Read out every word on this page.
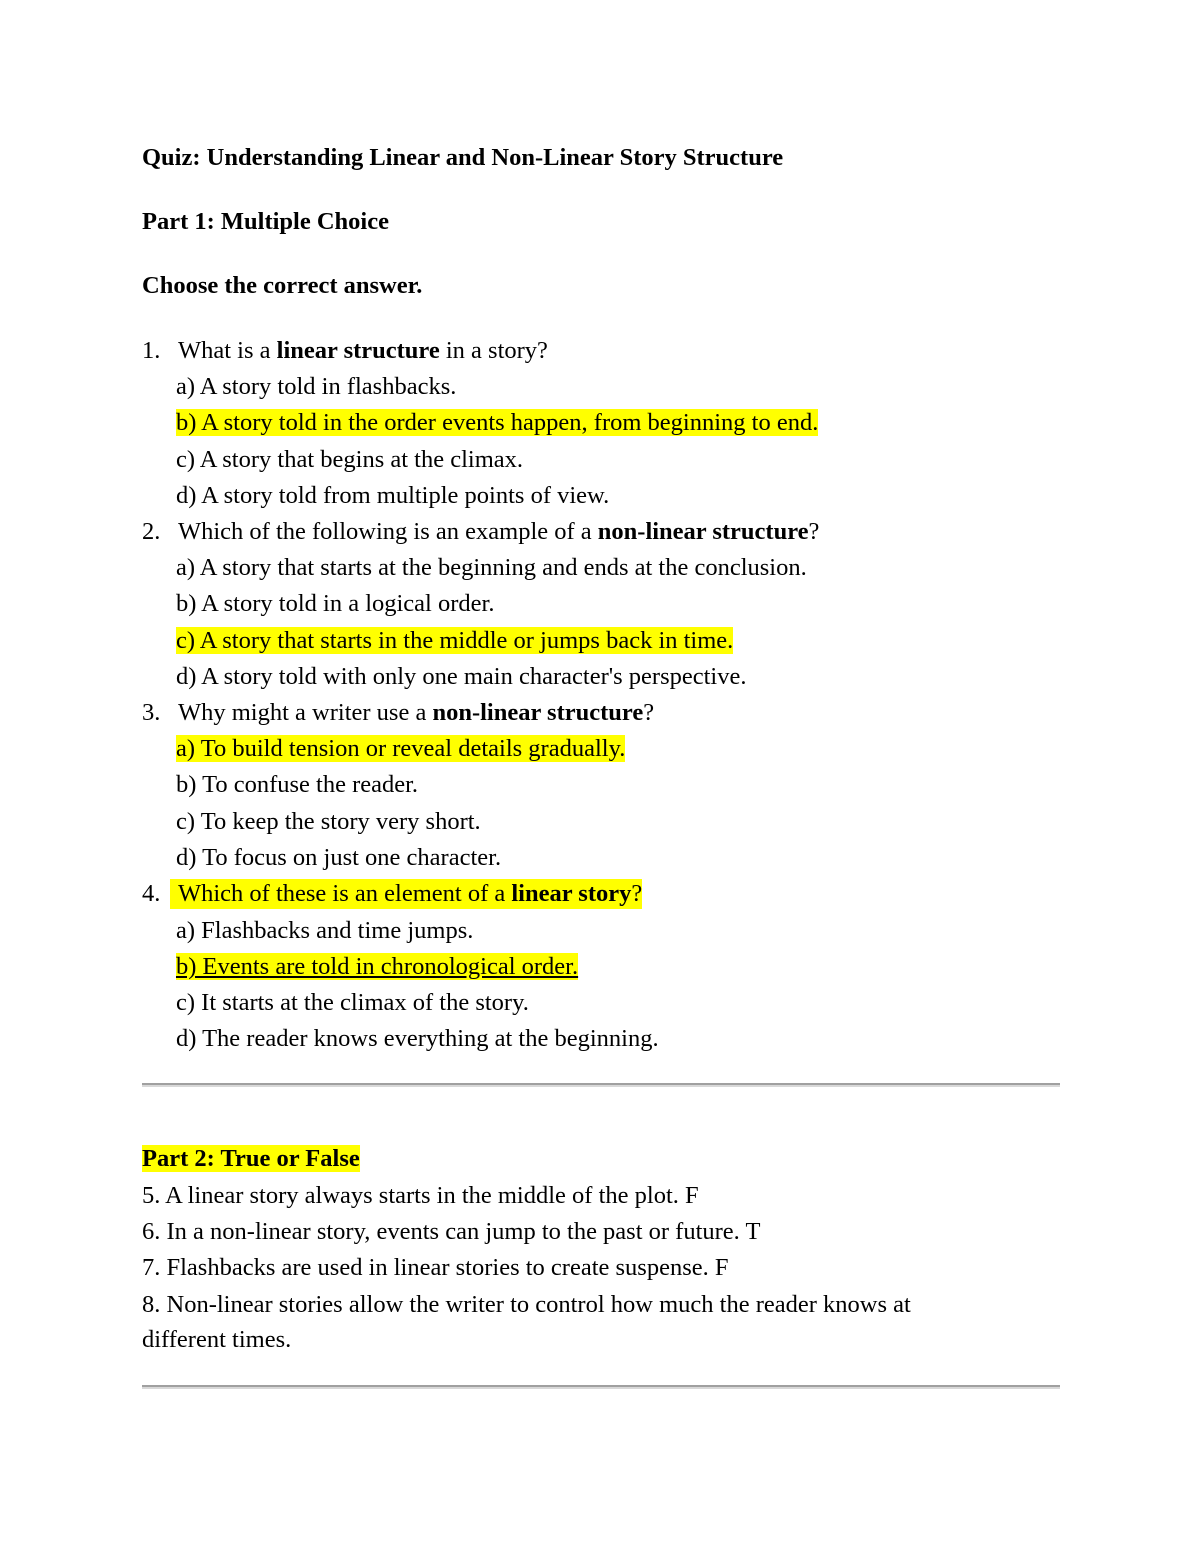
Quiz: Understanding Linear and Non-Linear Story Structure
Part 1: Multiple Choice
Choose the correct answer.
1. What is a linear structure in a story?
a) A story told in flashbacks.
b) A story told in the order events happen, from beginning to end.
c) A story that begins at the climax.
d) A story told from multiple points of view.
2. Which of the following is an example of a non-linear structure?
a) A story that starts at the beginning and ends at the conclusion.
b) A story told in a logical order.
c) A story that starts in the middle or jumps back in time.
d) A story told with only one main character's perspective.
3. Why might a writer use a non-linear structure?
a) To build tension or reveal details gradually.
b) To confuse the reader.
c) To keep the story very short.
d) To focus on just one character.
4. Which of these is an element of a linear story?
a) Flashbacks and time jumps.
b) Events are told in chronological order.
c) It starts at the climax of the story.
d) The reader knows everything at the beginning.
Part 2: True or False
5. A linear story always starts in the middle of the plot. F
6. In a non-linear story, events can jump to the past or future. T
7. Flashbacks are used in linear stories to create suspense. F
8. Non-linear stories allow the writer to control how much the reader knows at
different times.
